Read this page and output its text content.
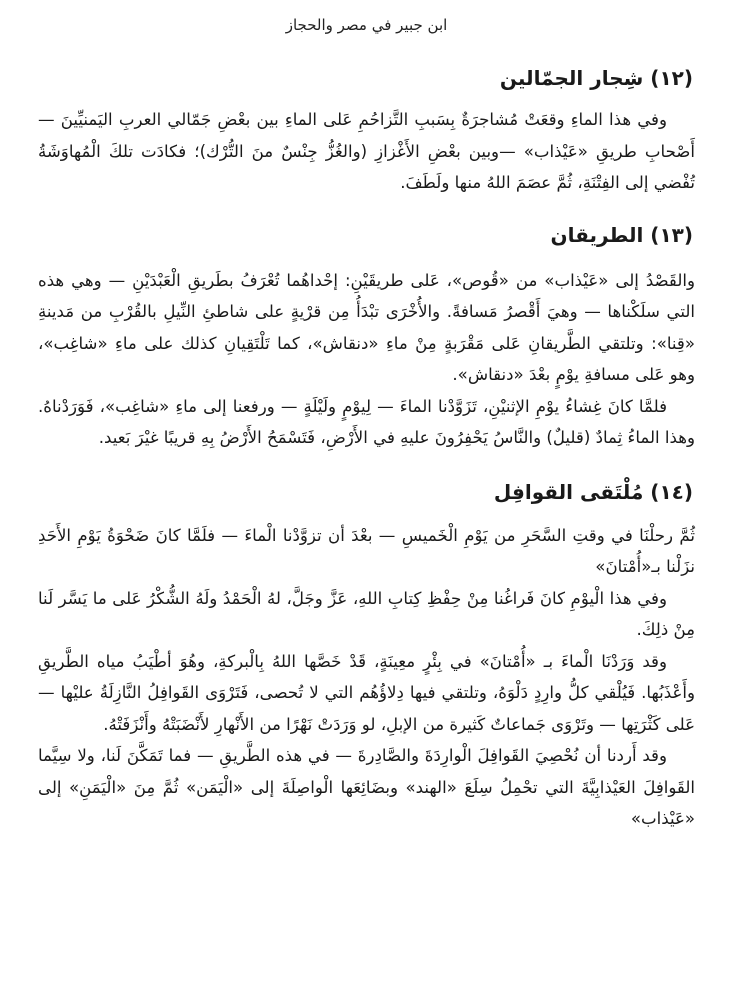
ابن جبير في مصر والحجاز
(١٢) شِجار الجمّالين

وفي هذا الماءِ وقعَتْ مُشاجرَةٌ بِسَببِ التَّزاحُمِ عَلى الماءِ بين بعْضِ جَمّالي العربِ اليَمنيِّينَ — أَصْحابِ طريقِ «عَيْذاب» —وبين بعْضِ الأَغْزازِ (والغُزُّ جِنْسٌ منَ التُّرْك)؛ فكادَت تلكَ الْمُهاوَشَةُ تُفْضي إلى الفِتْنَةِ، ثُمَّ عصَمَ اللهُ منها ولَطَفَ.

(١٣) الطريقان

والقَصْدُ إلى «عَيْذاب» من «قُوص»، عَلى طريقَيْنِ: إحْداهُما تُعْرَفُ بطَريقِ الْعَبْدَيْنِ — وهي هذه التي سلَكْناها — وهيَ أَقْصرُ مَسافةً. والأُخْرَى تبْدَأُ مِن قرْيةٍ على شاطئِ النِّيلِ بالقُرْبِ من مَدينةِ «قِنا»: وتلتقي الطَّريقانِ عَلى مَقْرَبةٍ مِنْ ماءِ «دنقاش»، كما تَلْتَقِيانِ كذلك على ماءِ «شاغِب»، وهو عَلى مسافةِ يوْمٍ بعْدَ «دنقاش».

فلمَّا كانَ غِشاءُ يوْمِ الإثنيْنِ، تَزَوَّدْنا الماءَ — لِيوْمٍ ولَيْلَةٍ — ورفعنا إلى ماءِ «شاغِب»، فَوَرَدْناهُ. وهذا الماءُ ثِمادٌ (قليلٌ) والنَّاسُ يَحْفِرُونَ عليهِ في الأَرْضِ، فَتَسْمَحُ الأَرْضُ بِهِ قريبًا غيْرَ بَعيد.

(١٤) مُلْتَقى القوافِل

ثُمَّ رحلْنَا في وقتِ السَّحَرِ من يَوْمِ الْخَميسِ — بعْدَ أن تزوَّدْنا الْماءَ — فلَمَّا كانَ ضَحْوَةُ يَوْمِ الأَحَدِ نزَلْنا بـ«أُمْتانَ»

وفي هذا الْيوْمِ كانَ فَراغُنا مِنْ حِفْظِ كِتابِ اللهِ، عَزَّ وجَلَّ، لهُ الْحَمْدُ ولَهُ الشُّكْرُ عَلى ما يَسَّر لَنا مِنْ ذلِكَ.

وقد وَرَدْنَا الْماءَ بـ «أُمْتانَ» في بِئْرٍ معِينَةٍ، قَدْ خَصَّها اللهُ بِالْبركةِ، وهُوَ أطْيَبُ مياه الطَّريقِ وأَعْذَبُها. فَيُلْقي كلُّ وارِدٍ دَلْوَهُ، وتلتقي فيها دِلاؤُهُم التي لا تُحصى، فَتَرْوَى القَوافِلُ النَّازِلَةُ عليْها — عَلى كَثْرَتِها — وتَرْوَى جَماعاتٌ كَثيرة من الإبلِ، لو وَرَدَتْ نَهْرًا من الأَنْهارِ لأَنْضَبَتْهُ وأَنْزَفَتْهُ.

وقد أَردنا أن نُحْصِيَ القَوافِلَ الْوارِدَةَ والصَّادِرةَ — في هذه الطَّريقِ — فما تَمَكَّنَ لَنا، ولا سِيَّما القَوافِلَ العَيْذابِيَّةَ التي تحْمِلُ سِلَعَ «الهند» وبضَائِعَها الْواصِلَةَ إلى «الْيَمَن» ثُمَّ مِنَ «الْيَمَنِ» إلى «عَيْذاب»
